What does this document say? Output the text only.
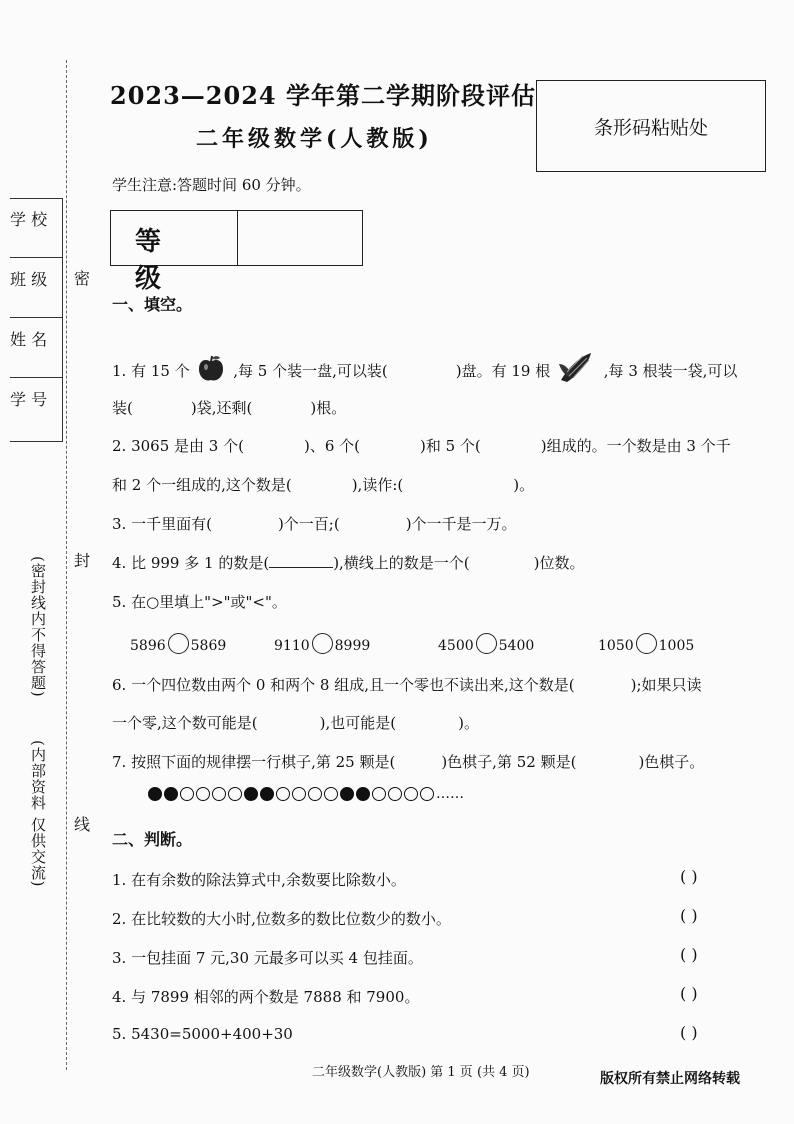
学 校
班 级
姓 名
学 号
密
封
线
(密封线内不得答题)
(内部资料 仅供交流)
2023—2024 学年第二学期阶段评估
二年级数学(人教版)	条形码粘贴处
学生注意:答题时间 60 分钟。
等 级
一、填空。
1. 有 15 个	,每 5 个装一盘,可以装(	)盘。有 19 根	,每 3 根装一袋,可以
装(	)袋,还剩(	)根。
2. 3065 是由 3 个(	)、6 个(	)和 5 个(	)组成的。一个数是由 3 个千
和 2 个一组成的,这个数是(	),读作:(	)。
3. 一千里面有(	)个一百;(	)个一千是一万。
4. 比 999 多 1 的数是(	),横线上的数是一个(	)位数。
5. 在○里填上">"或"<"。
5896 5869	9110 8999	4500 5400	1050 1005
6. 一个四位数由两个 0 和两个 8 组成,且一个零也不读出来,这个数是(	);如果只读
一个零,这个数可能是(	),也可能是(	)。
7. 按照下面的规律摆一行棋子,第 25 颗是(	)色棋子,第 52 颗是(	)色棋子。
……
二、判断。
1. 在有余数的除法算式中,余数要比除数小。	( )
2. 在比较数的大小时,位数多的数比位数少的数小。	( )
3. 一包挂面 7 元,30 元最多可以买 4 包挂面。	( )
4. 与 7899 相邻的两个数是 7888 和 7900。	( )
5. 5430=5000+400+30	( )
二年级数学(人教版) 第 1 页 (共 4 页)	版权所有禁止网络转载
